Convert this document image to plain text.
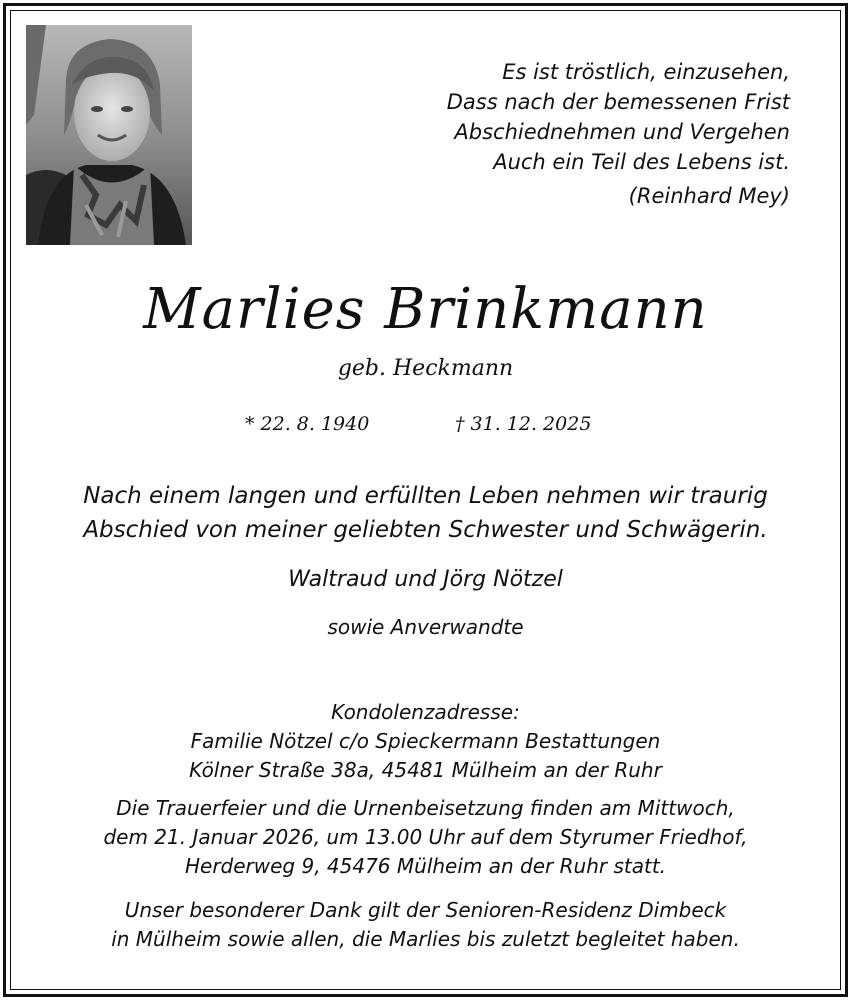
Es ist tröstlich, einzusehen,
Dass nach der bemessenen Frist
Abschiednehmen und Vergehen
Auch ein Teil des Lebens ist.
(Reinhard Mey)
Marlies Brinkmann
geb. Heckmann
* 22. 8. 1940	† 31. 12. 2025
Nach einem langen und erfüllten Leben nehmen wir traurig
Abschied von meiner geliebten Schwester und Schwägerin.
Waltraud und Jörg Nötzel
sowie Anverwandte
Kondolenzadresse:
Familie Nötzel c/o Spieckermann Bestattungen
Kölner Straße 38a, 45481 Mülheim an der Ruhr
Die Trauerfeier und die Urnenbeisetzung finden am Mittwoch,
dem 21. Januar 2026, um 13.00 Uhr auf dem Styrumer Friedhof,
Herderweg 9, 45476 Mülheim an der Ruhr statt.
Unser besonderer Dank gilt der Senioren-Residenz Dimbeck
in Mülheim sowie allen, die Marlies bis zuletzt begleitet haben.
